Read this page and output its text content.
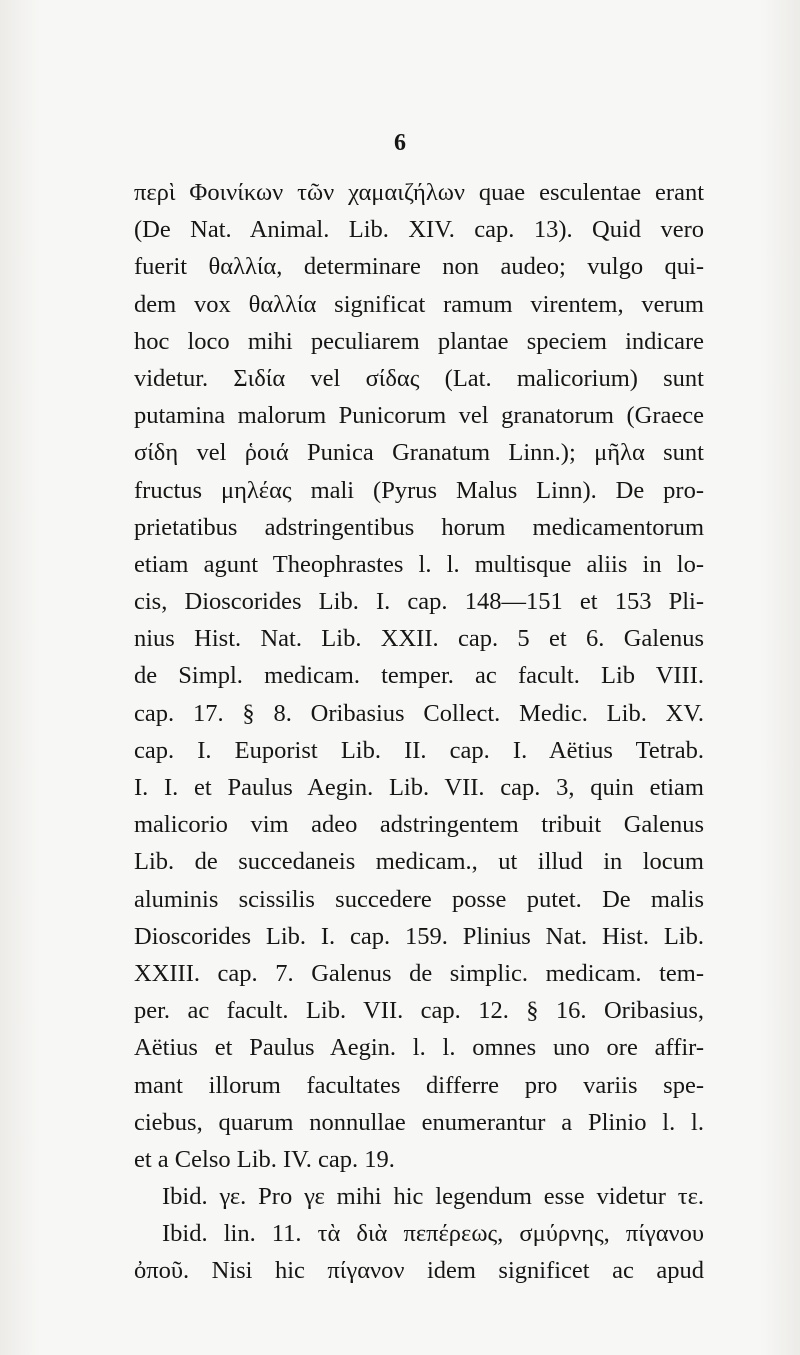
6
περὶ Φοινίκων τῶν χαμαιζήλων quae esculentae erant
(De Nat. Animal. Lib. XIV. cap. 13). Quid vero
fuerit θαλλία, determinare non audeo; vulgo qui-
dem vox θαλλία significat ramum virentem, verum
hoc loco mihi peculiarem plantae speciem indicare
videtur. Σιδία vel σίδας (Lat. malicorium) sunt
putamina malorum Punicorum vel granatorum (Graece
σίδη vel ῥοιά Punica Granatum Linn.); μῆλα sunt
fructus μηλέας mali (Pyrus Malus Linn). De pro-
prietatibus adstringentibus horum medicamentorum
etiam agunt Theophrastes l. l. multisque aliis in lo-
cis, Dioscorides Lib. I. cap. 148—151 et 153 Pli-
nius Hist. Nat. Lib. XXII. cap. 5 et 6. Galenus
de Simpl. medicam. temper. ac facult. Lib VIII.
cap. 17. § 8. Oribasius Collect. Medic. Lib. XV.
cap. I. Euporist Lib. II. cap. I. Aëtius Tetrab.
I. I. et Paulus Aegin. Lib. VII. cap. 3, quin etiam
malicorio vim adeo adstringentem tribuit Galenus
Lib. de succedaneis medicam., ut illud in locum
aluminis scissilis succedere posse putet. De malis
Dioscorides Lib. I. cap. 159. Plinius Nat. Hist. Lib.
XXIII. cap. 7. Galenus de simplic. medicam. tem-
per. ac facult. Lib. VII. cap. 12. § 16. Oribasius,
Aëtius et Paulus Aegin. l. l. omnes uno ore affir-
mant illorum facultates differre pro variis spe-
ciebus, quarum nonnullae enumerantur a Plinio l. l.
et a Celso Lib. IV. cap. 19.
Ibid. γε. Pro γε mihi hic legendum esse videtur τε.
Ibid. lin. 11. τὰ διὰ πεπέρεως, σμύρνης, πίγανου
ὀποῦ. Nisi hic πίγανον idem significet ac apud
